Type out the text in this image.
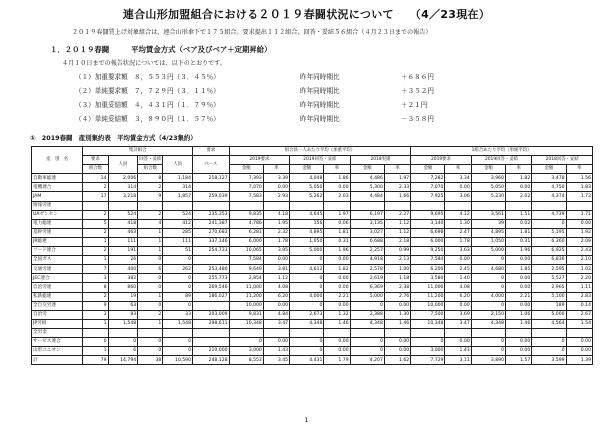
連合山形加盟組合における２０１９春闘状況について （4／23現在）
２０１９春闘賃上げ対象組合は、連合山形傘下で１７５組合。要求提出１１２組合、回答・妥結５６組合（４月２３日までの報告）
１．２０１９春闘	平均賃金方式（ベア及びベア＋定期昇給）
４月１０日までの報告状況については、以下のとおりです。
（１）加重要求額 ８，５５３円（３．４５％）	昨年同時期比	＋６８６円
（２）単純要求額 ７，７２９円（３．１１％）	昨年同時期比	＋３５２円
（３）加重妥結額 ４，４３１円（１．７９％）	昨年同時期比	＋２１円
（４）単純妥結額 ３，８９０円（１．５７％）	昨年同時期比	－３５８円
①　2019春闘　産別集約表　平均賃金方式（4/23集約）
産　別　名	集計組合				要求	組合員一人あたり平均（加重平均）						1組合あたり平均（単純平均）					
	要求	人員	回答・妥結	人員	ベース	2019要求		2019回答・妥結		2018実績		2019要求		2019回答・妥結		2018回答・妥結	
	組合数		組合数			金額	率	金額	率	金額	率	金額	率	金額	率	金額	率
自動車総連	14	2,006	8	1,184	218,127	7,393	3.39	4,048	1.86	4,486	1.97	7,282	3.34	3,960	1.82	3,478	1.56
電機連合	2	314	2	314		7,070	0.00	5,050	0.00	5,300	2.33	7,070	0.00	5,050	0.00	4,750	1.83
JAM	17	3,218	9	1,857	259,039	7,583	2.93	5,262	2.03	4,484	1.66	7,925	3.06	5,230	2.02	4,374	1.72
情報労連																	
UAゼンセン	2	524	2	524	235,353	9,835	4.18	4,645	1.97	6,197	2.27	9,695	4.12	3,561	1.51	4,739	1.71
電力総連	5	418	4	412	241,387	4,786	1.95	156	0.06	3,135	1.12	3,140	1.30	39	0.02	0	0.00
基幹労連	2	463	1	285	270,683	6,281	2.32	4,895	1.81	3,027	1.12	6,698	2.47	4,895	1.81	5,195	1.92
JR総連	1	111	1	111	337,146	6,000	1.78	1,050	0.31	6,688	2.18	6,000	1.78	1,050	0.31	6,360	2.09
フード連合	2	191	1	51	254,733	10,065	3.95	5,000	1.96	2,257	0.99	9,250	3.63	5,000	1.96	6,925	2.43
全国ガス	1	26	0	0		7,584	0.00	0	0.00	4,918	2.13	7,584	0.00	0	0.00	6,836	2.10
交通労連	7	400	6	262	253,480	9,649	3.81	4,612	1.82	2,578	1.00	6,200	2.45	4,680	1.85	2,595	1.02
JEC連合	3	382	0	0	255,773	2,854	1.12	0	0.00	2,619	1.18	3,580	1.40	0	0.00	5,527	2.20
自治労連	8	860	0	0	269,546	11,000	4.08	0	0.00	6,369	2.38	11,000	4.08	0	0.00	2,965	1.11
私鉄総連	2	19	1	89	186,027	11,200	6.20	4,000	2.21	5,000	2.76	11,200	6.20	4,000	2.21	5,100	2.83
全自交労連	9	63	0	0		10,000	0.00	0	0.00	0	0.00	10,000	0.00	0	0.00	189	0.14
自治労	3	83	2	33	203,009	9,831	4.84	2,673	1.32	2,388	1.30	7,500	3.69	2,150	1.06	5,000	2.67
JP労組	1	1,548	1	1,548	298,611	10,348	3.47	4,348	1.46	4,348	1.46	10,348	3.47	4,348	1.46	4,564	1.54
全労金																	
サービス連合	0	0	0	0		0	0.00	0	0.00	0	0.00	0	0.00	0	0.00	0	0.00
山形ユニオン	1	6	0	0	210,000	3,000	1.43	0	0.00	0	0.00	3,000	1.43	0	0.00	0	0.00
計	79	14,794	38	10,590	248,128	8,553	3.45	4,431	1.79	4,207	1.62	7,729	3.11	3,890	1.57	3,599	1.39
1
